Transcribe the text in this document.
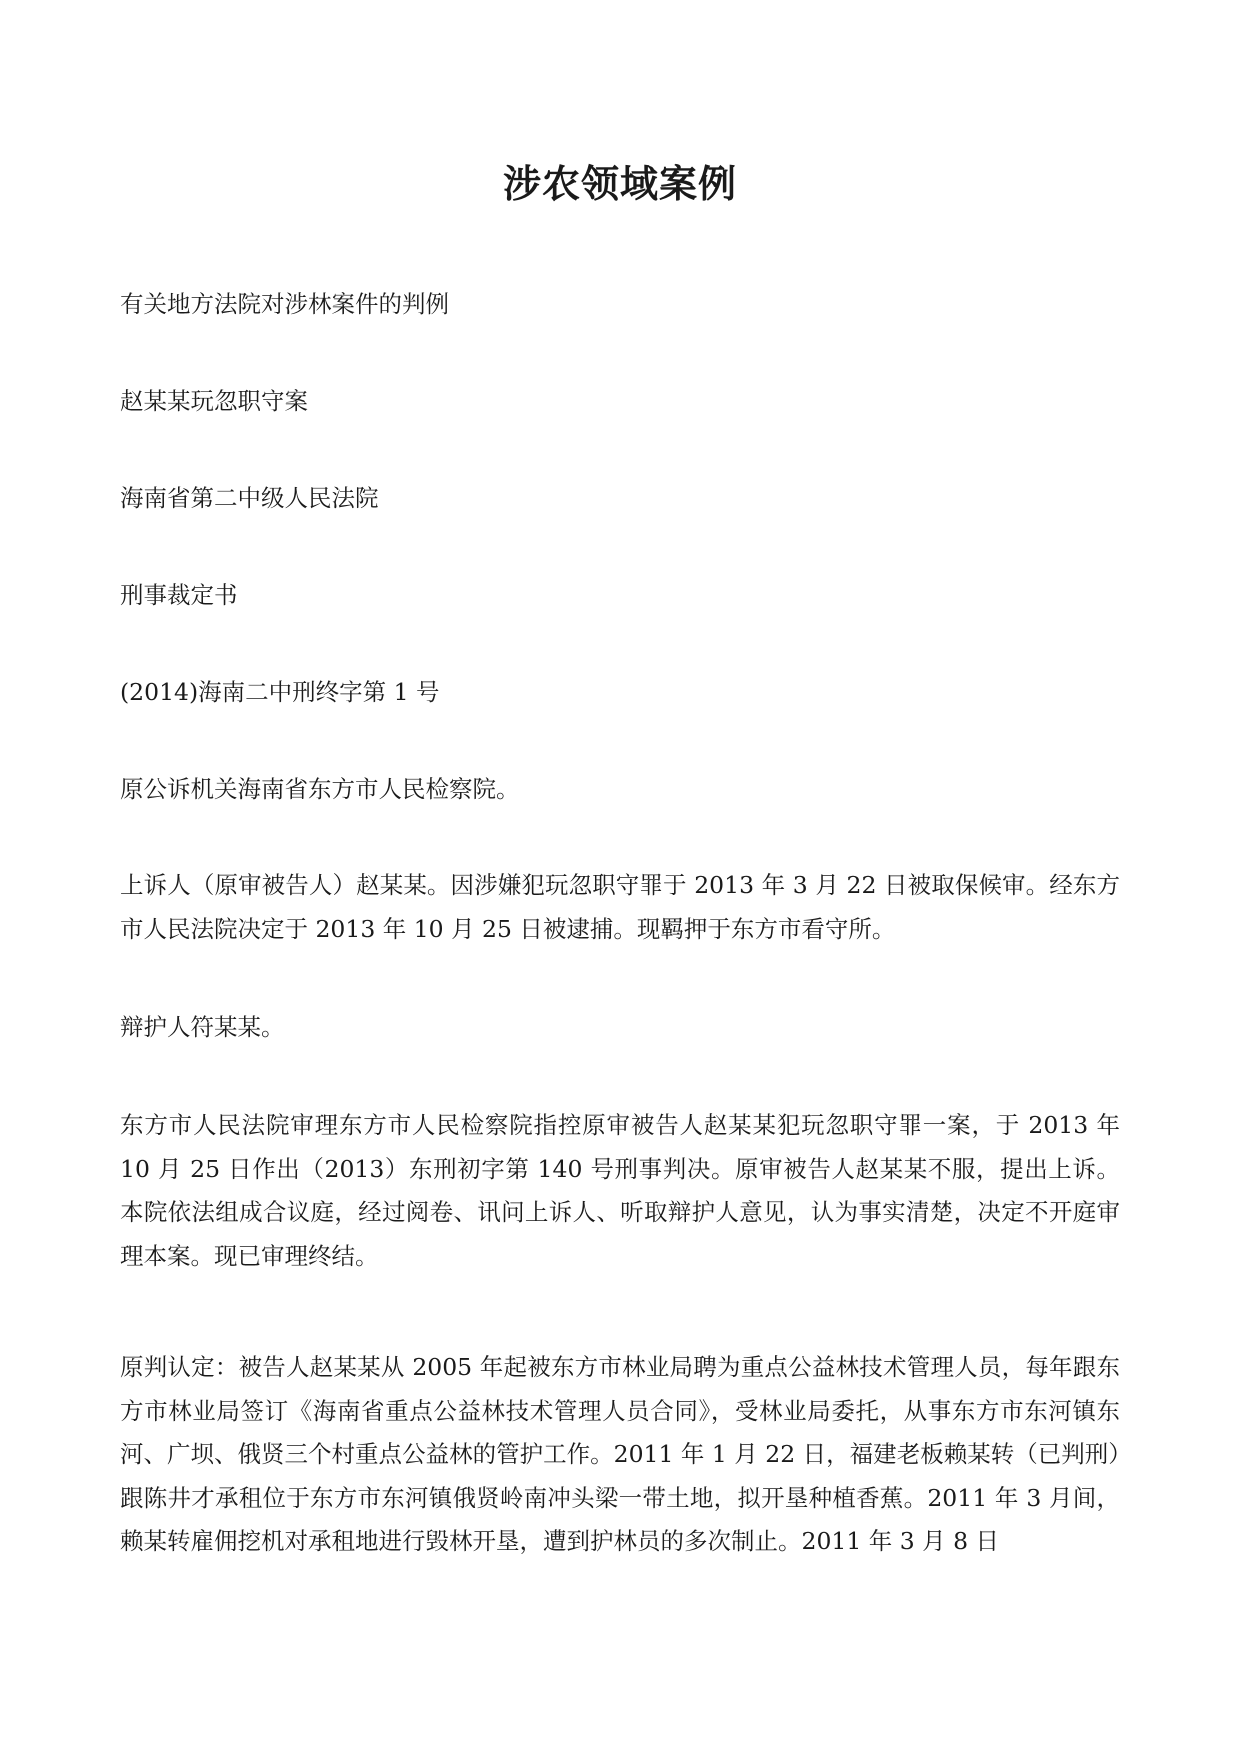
涉农领域案例

有关地方法院对涉林案件的判例

赵某某玩忽职守案

海南省第二中级人民法院

刑事裁定书

(2014)海南二中刑终字第 1 号

原公诉机关海南省东方市人民检察院。

上诉人（原审被告人）赵某某。因涉嫌犯玩忽职守罪于 2013 年 3 月 22 日被取保候审。经东方市人民法院决定于 2013 年 10 月 25 日被逮捕。现羁押于东方市看守所。

辩护人符某某。

东方市人民法院审理东方市人民检察院指控原审被告人赵某某犯玩忽职守罪一案，于 2013 年 10 月 25 日作出（2013）东刑初字第 140 号刑事判决。原审被告人赵某某不服，提出上诉。本院依法组成合议庭，经过阅卷、讯问上诉人、听取辩护人意见，认为事实清楚，决定不开庭审理本案。现已审理终结。

原判认定：被告人赵某某从 2005 年起被东方市林业局聘为重点公益林技术管理人员，每年跟东方市林业局签订《海南省重点公益林技术管理人员合同》，受林业局委托，从事东方市东河镇东河、广坝、俄贤三个村重点公益林的管护工作。2011 年 1 月 22 日，福建老板赖某转（已判刑）跟陈井才承租位于东方市东河镇俄贤岭南冲头梁一带土地，拟开垦种植香蕉。2011 年 3 月间，赖某转雇佣挖机对承租地进行毁林开垦，遭到护林员的多次制止。2011 年 3 月 8 日
